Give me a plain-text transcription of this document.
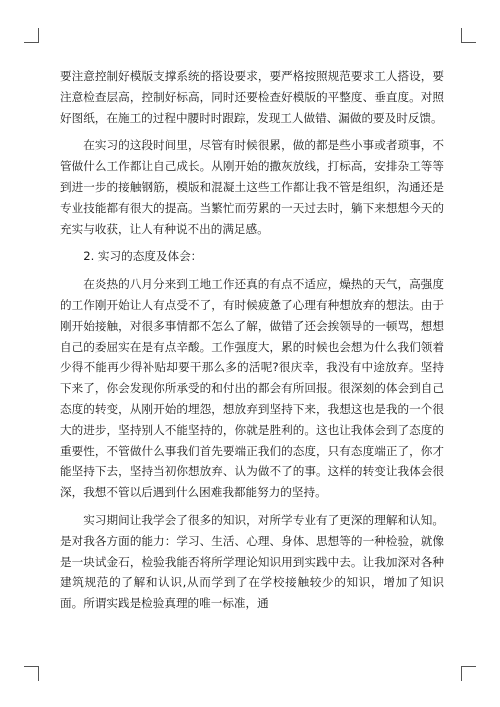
要注意控制好模版支撑系统的搭设要求，要严格按照规范要求工人搭设，要注意检查层高，控制好标高，同时还要检查好模版的平整度、垂直度。对照好图纸，在施工的过程中腰时时跟踪，发现工人做错、漏做的要及时反馈。

在实习的这段时间里，尽管有时候很累，做的都是些小事或者琐事，不管做什么工作都让自己成长。从刚开始的撒灰放线，打标高，安排杂工等等到进一步的接触钢筋，模版和混凝土这些工作都让我不管是组织，沟通还是专业技能都有很大的提高。当繁忙而劳累的一天过去时，躺下来想想今天的充实与收获，让人有种说不出的满足感。

2. 实习的态度及体会：

在炎热的八月分来到工地工作还真的有点不适应，燥热的天气，高强度的工作刚开始让人有点受不了，有时候疲惫了心理有种想放弃的想法。由于刚开始接触，对很多事情都不怎么了解，做错了还会挨领导的一顿骂，想想自己的委屈实在是有点辛酸。工作强度大，累的时候也会想为什么我们领着少得不能再少得补贴却要干那么多的活呢?很庆幸，我没有中途放弃。坚持下来了，你会发现你所承受的和付出的都会有所回报。很深刻的体会到自己态度的转变，从刚开始的埋怨，想放弃到坚持下来，我想这也是我的一个很大的进步，坚持别人不能坚持的，你就是胜利的。这也让我体会到了态度的重要性，不管做什么事我们首先要端正我们的态度，只有态度端正了，你才能坚持下去，坚持当初你想放弃、认为做不了的事。这样的转变让我体会很深，我想不管以后遇到什么困难我都能努力的坚持。

实习期间让我学会了很多的知识，对所学专业有了更深的理解和认知。是对我各方面的能力：学习、生活、心理、身体、思想等的一种检验，就像是一块试金石，检验我能否将所学理论知识用到实践中去。让我加深对各种建筑规范的了解和认识,从而学到了在学校接触较少的知识，增加了知识面。所谓实践是检验真理的唯一标准，通
